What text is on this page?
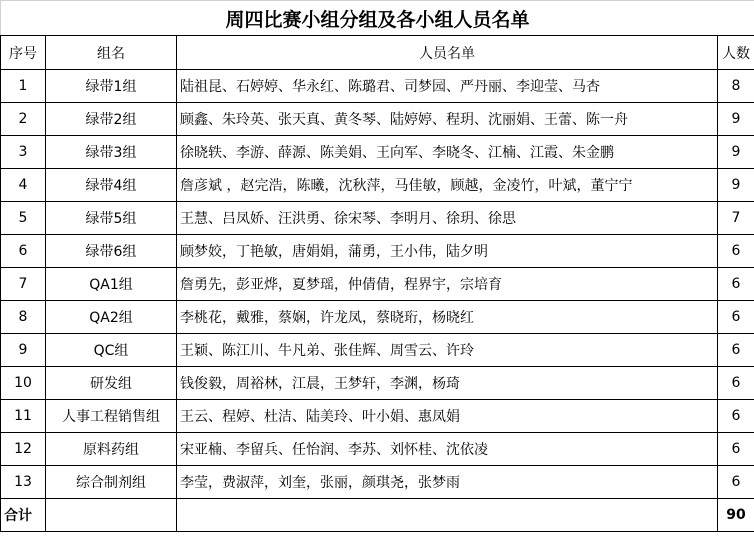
周四比赛小组分组及各小组人员名单			
序号	组名	人员名单	人数
1	绿带1组	陆祖昆、石婷婷、华永红、陈璐君、司梦园、严丹丽、李迎莹、马杏	8
2	绿带2组	顾鑫、朱玲英、张天真、黄冬琴、陆婷婷、程玥、沈丽娟、王蕾、陈一舟	9
3	绿带3组	徐晓轶、李游、薛源、陈美娟、王向军、李晓冬、江楠、江霞、朱金鹏	9
4	绿带4组	詹彦斌 ，赵完浩，陈曦，沈秋萍，马佳敏，顾越，金凌竹，叶斌，董宁宁	9
5	绿带5组	王慧、吕凤娇、汪洪勇、徐宋琴、李明月、徐玥、徐思	7
6	绿带6组	顾梦姣，丁艳敏，唐娟娟，蒲勇，王小伟，陆夕明	6
7	QA1组	詹勇先，彭亚烨，夏梦瑶，仲倩倩，程界宇，宗培育	6
8	QA2组	李桃花，戴雅，蔡娴，许龙凤，蔡晓珩，杨晓红	6
9	QC组	王颖、陈江川、牛凡弟、张佳辉、周雪云、许玲	6
10	研发组	钱俊毅，周裕林，江晨，王梦轩，李渊，杨琦	6
11	人事工程销售组	王云、程婷、杜洁、陆美玲、叶小娟、惠凤娟	6
12	原料药组	宋亚楠、李留兵、任怡润、李苏、刘怀桂、沈依凌	6
13	综合制剂组	李莹，费淑萍，刘奎，张丽，颜琪尧，张梦雨	6
合计			90
